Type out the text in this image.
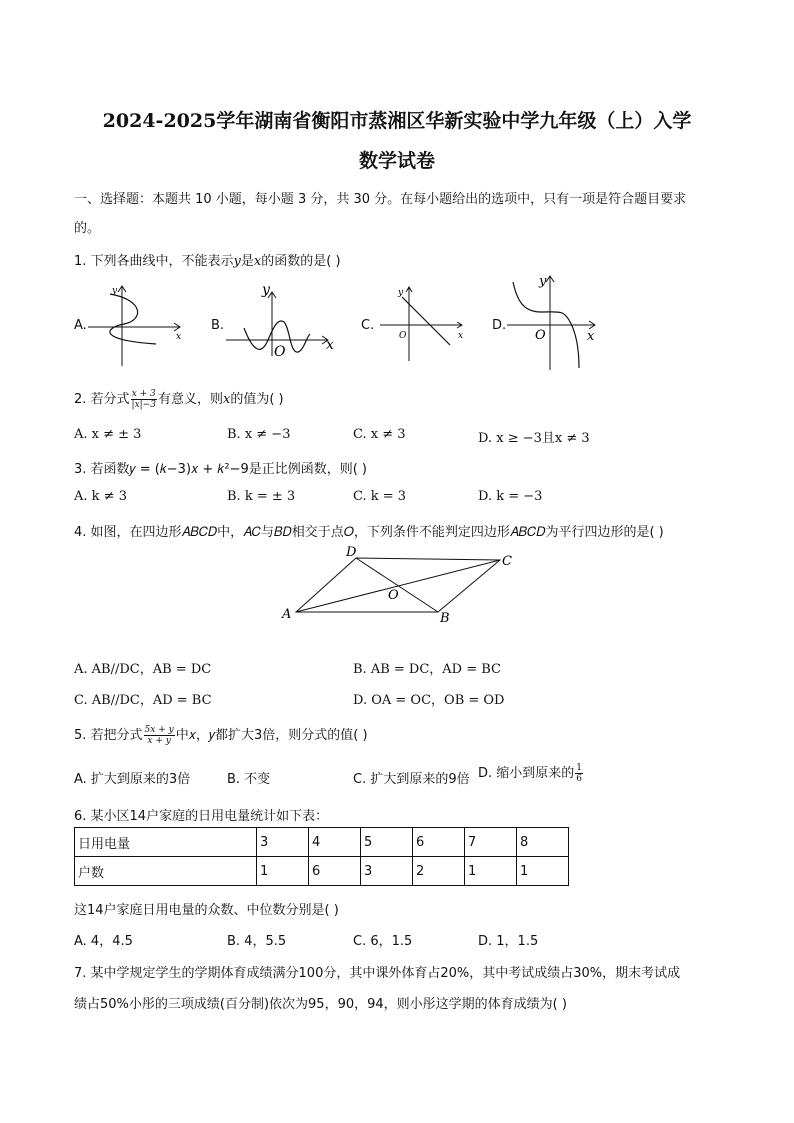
2024-2025学年湖南省衡阳市蒸湘区华新实验中学九年级（上）入学
数学试卷
一、选择题：本题共 10 小题，每小题 3 分，共 30 分。在每小题给出的选项中，只有一项是符合题目要求
的。
1. 下列各曲线中，不能表示y是x的函数的是( )
A.	B.	C.	D.
y
x
y
x
O
y
x
O
y
x
O
2. 若分式 $\frac{x + 3}{|x|-3}$ 有意义，则x的值为( )
A. x ≠ ± 3	B. x ≠ −3	C. x ≠ 3	D. x ≥ −3且x ≠ 3
3. 若函数𝑦 = (𝑘−3)𝑥 + 𝑘²−9是正比例函数，则( )
A. k ≠ 3	B. k = ± 3	C. k = 3	D. k = −3
4. 如图，在四边形𝐴𝐵𝐶𝐷中，𝐴𝐶与𝐵𝐷相交于点𝑂，下列条件不能判定四边形𝐴𝐵𝐶𝐷为平行四边形的是( )
A	B
C
D
O
A. AB//DC，AB = DC	B. AB = DC，AD = BC
C. AB//DC，AD = BC	D. OA = OC，OB = OD
5. 若把分式 $\frac{5x + y}{x + y}$ 中𝑥，𝑦都扩大3倍，则分式的值( )
A. 扩大到原来的3倍	B. 不变	C. 扩大到原来的9倍 D. 缩小到原来的 $\frac{1}{6}$
6. 某小区14户家庭的日用电量统计如下表：
日用电量	3	4	5	6	7	8
户数	1	6	3	2	1	1
这14户家庭日用电量的众数、中位数分别是( )
A. 4，4.5	B. 4，5.5	C. 6，1.5	D. 1，1.5
7. 某中学规定学生的学期体育成绩满分100分，其中课外体育占20%，其中考试成绩占30%，期末考试成
绩占50%小彤的三项成绩(百分制)依次为95，90，94，则小彤这学期的体育成绩为( )
